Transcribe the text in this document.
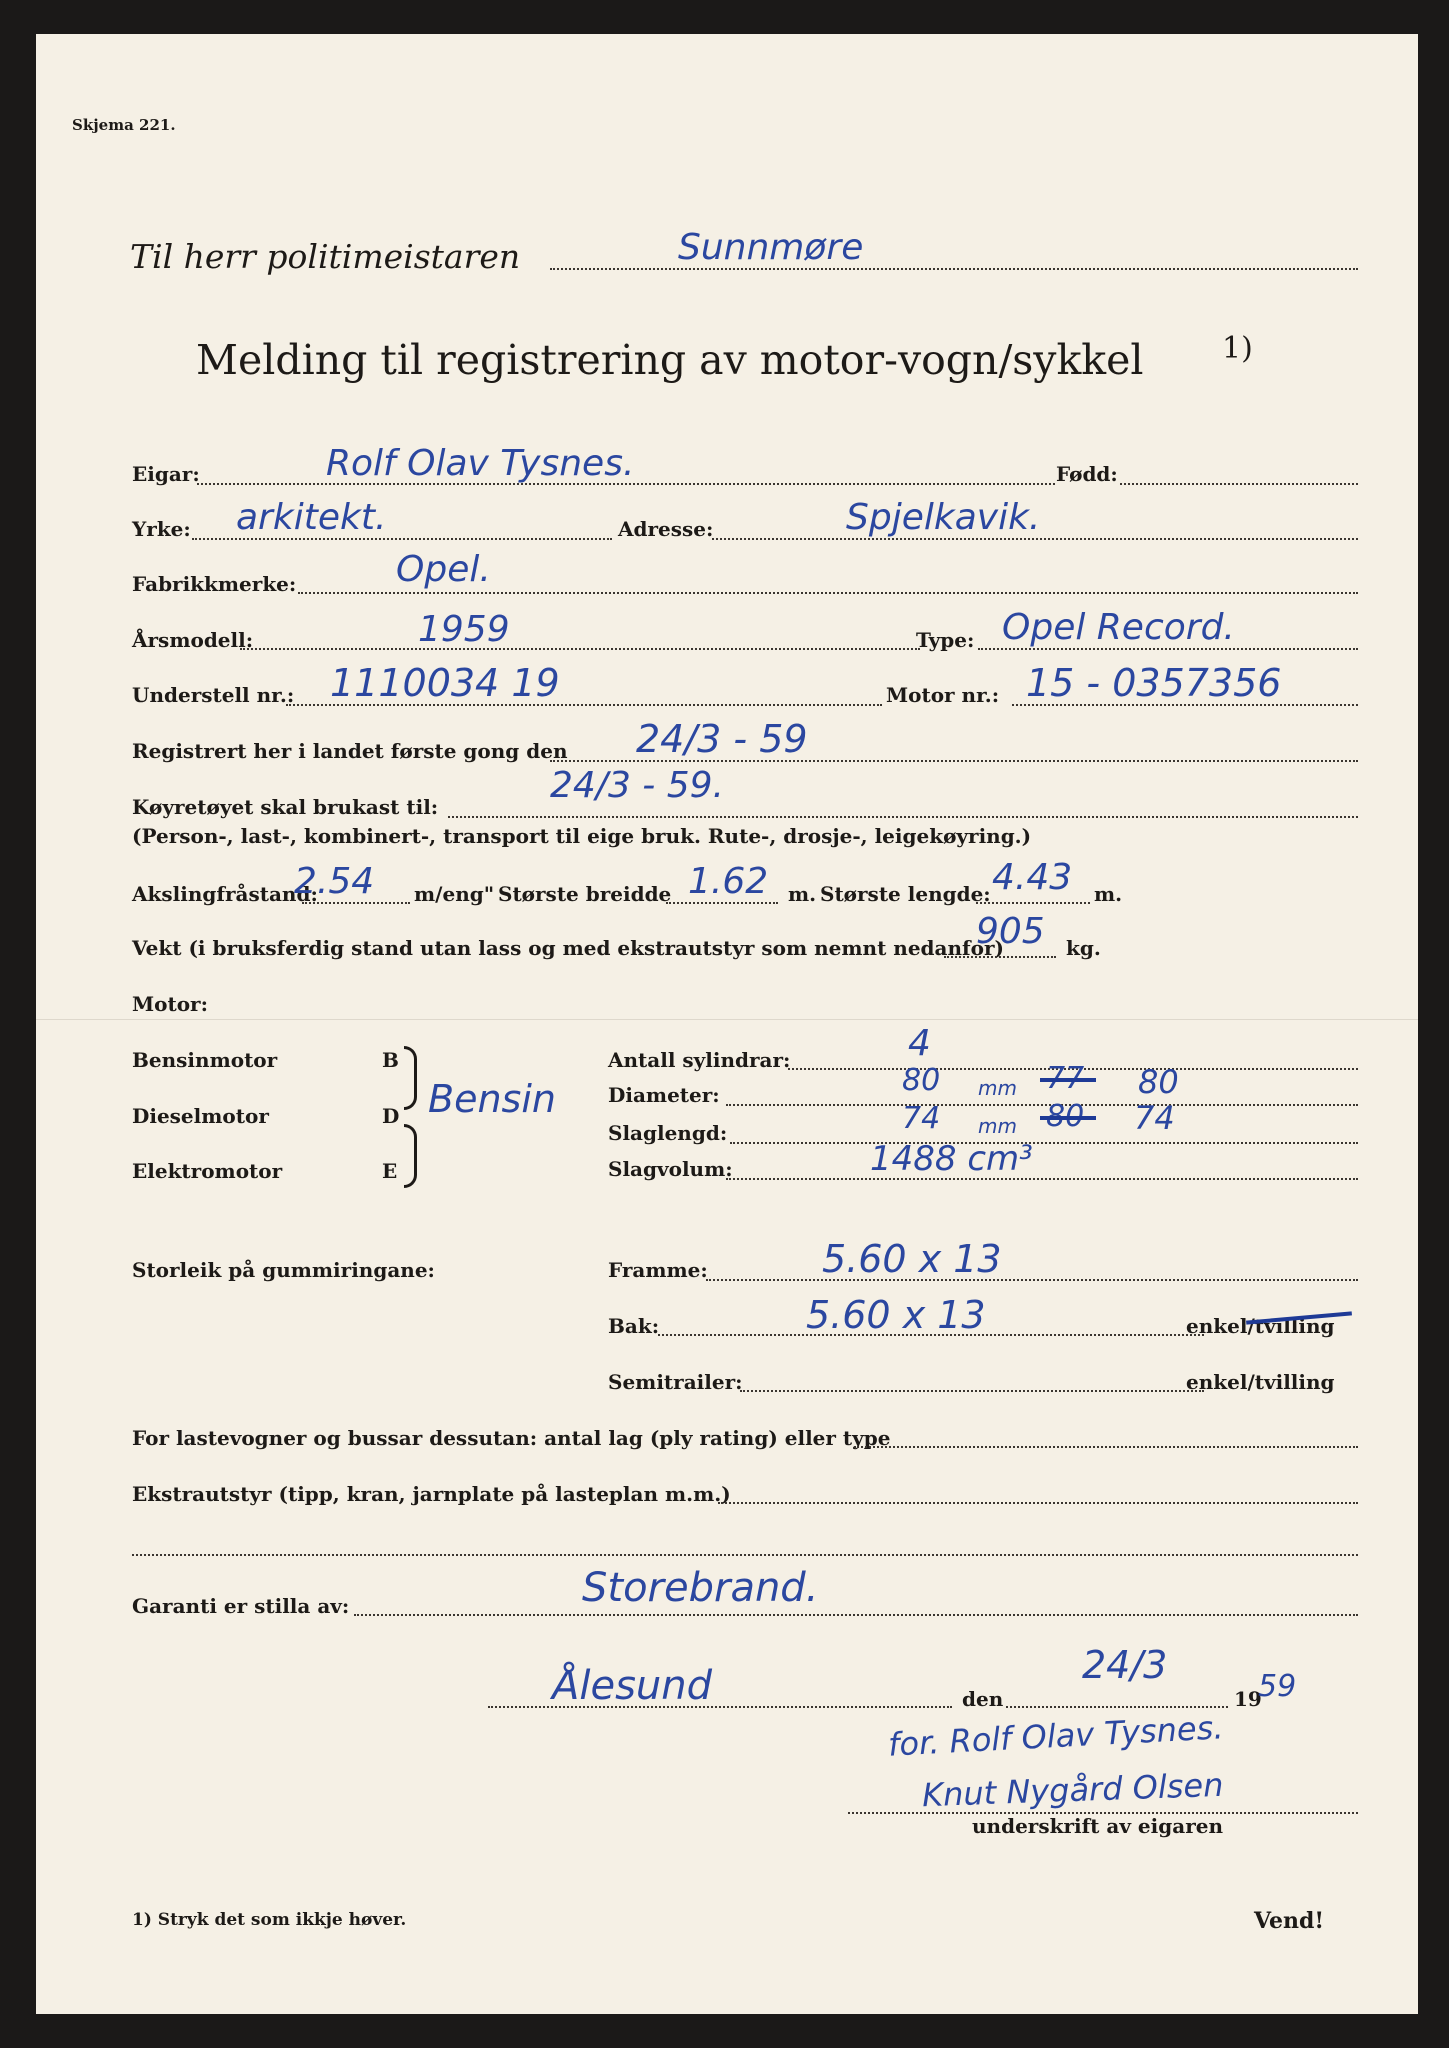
Skjema 221.
Til herr politimeistaren	Sunnmøre
Melding til registrering av motor-vogn/sykkel	1)
Eigar:	Rolf Olav Tysnes.	Fødd:
Yrke: arkitekt.	Adresse:	Spjelkavik.
Fabrikkmerke:	Opel.
Årsmodell:	1959	Type: Opel Record.
Understell nr.: 1110034 19	Motor nr.: 15 - 0357356
Registrert her i landet første gong den 24/3 - 59
Køyretøyet skal brukast til:
24/3 - 59.
(Person-, last-, kombinert-, transport til eige bruk. Rute-, drosje-, leigekøyring.)
Akslingfråstand:
2.54 m/eng" Største breidde 1.62 m. Største lengde: 4.43 m.
Vekt (i bruksferdig stand utan lass og med ekstrautstyr som nemnt nedanfor)
905 kg.
Motor:
Bensinmotor
Dieselmotor
Elektromotor
B
D
E
Bensin
Antall sylindrar:	4
Diameter:	80 mm 77 80
Slaglengd:	74 mm 80 74
Slagvolum:	1488 cm³
Storleik på gummiringane:	Framme:	5.60 x 13
Bak:	5.60 x 13	enkel/tvilling
Semitrailer:	enkel/tvilling
For lastevogner og bussar dessutan: antal lag (ply rating) eller type
Ekstrautstyr (tipp, kran, jarnplate på lasteplan m.m.)
Garanti er stilla av:	Storebrand.
Ålesund	den
24/3
19
59
for. Rolf Olav Tysnes.
Knut Nygård Olsen
underskrift av eigaren
1) Stryk det som ikkje høver.	Vend!
